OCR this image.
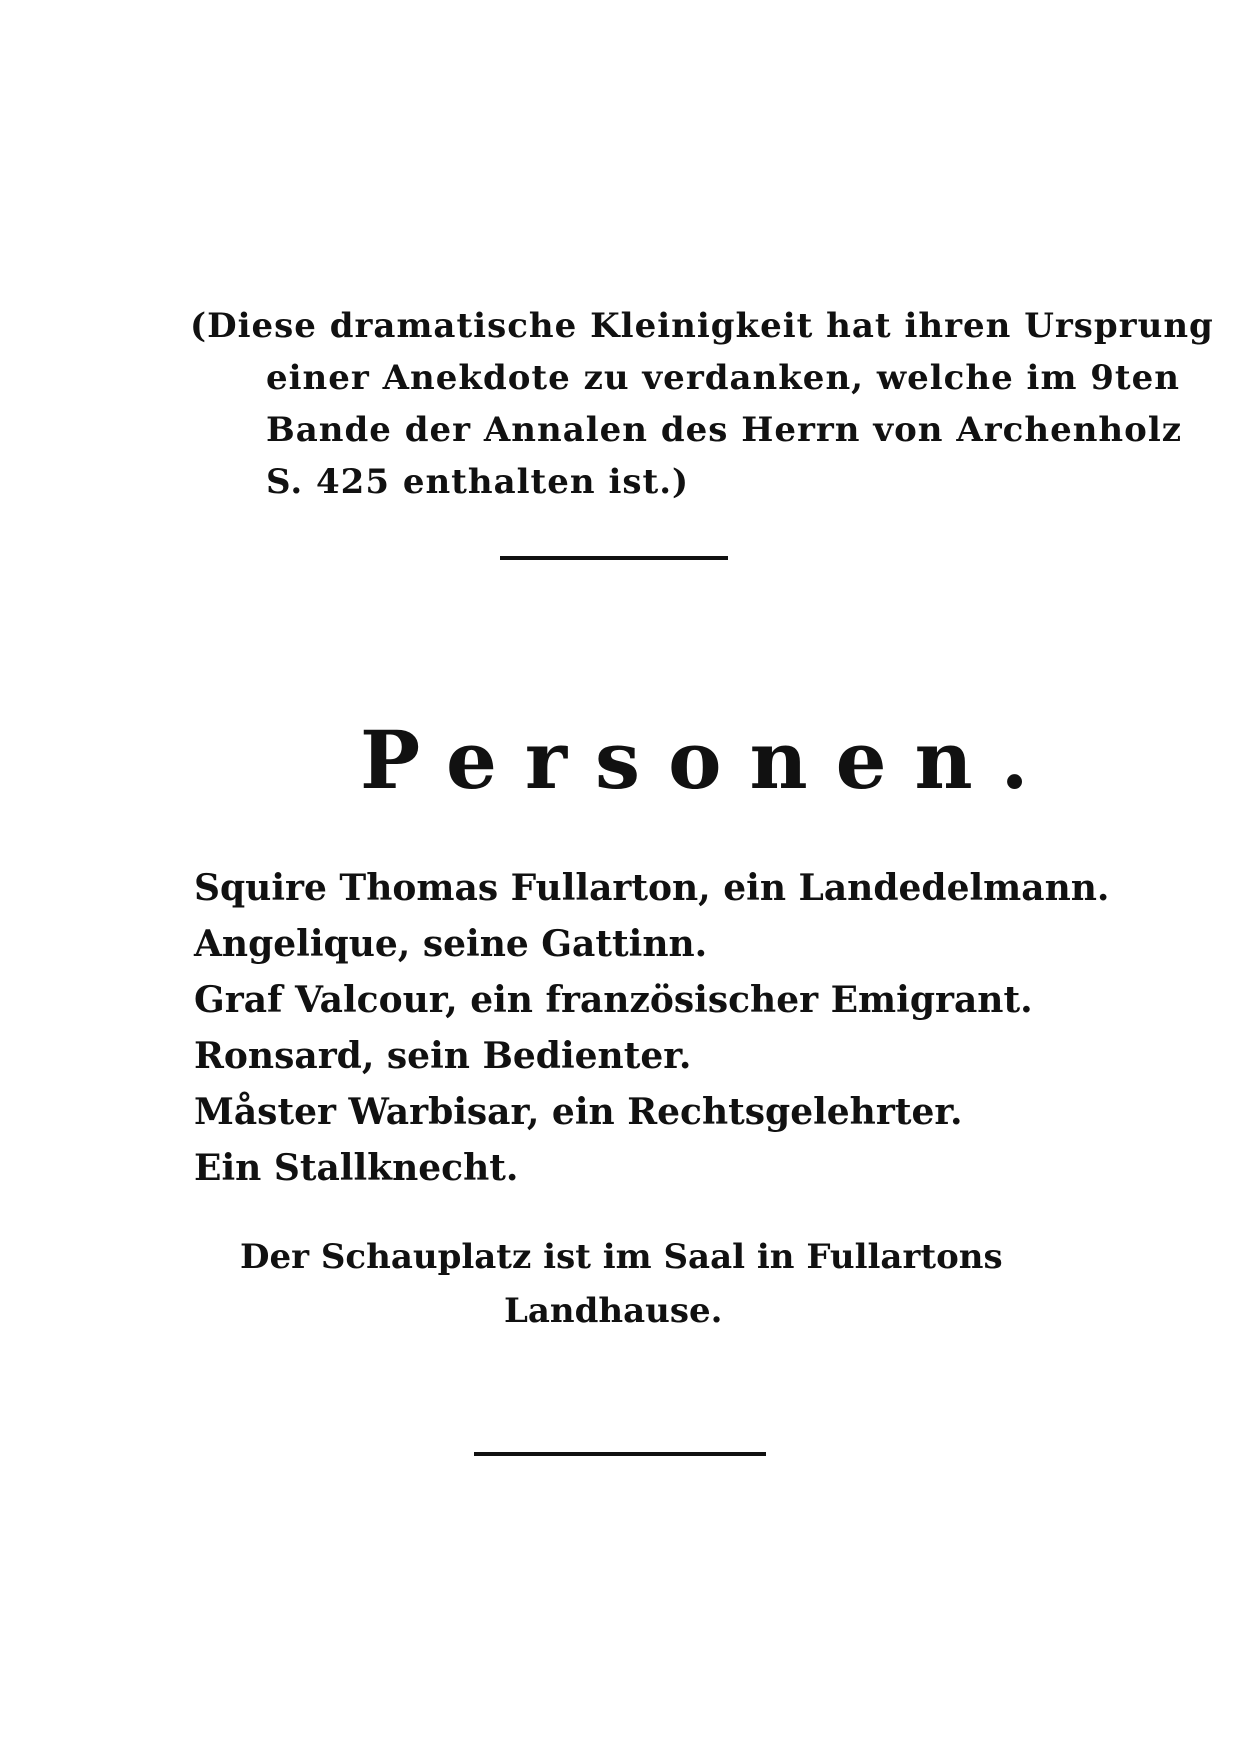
(Diese dramatische Kleinigkeit hat ihren Ursprung
einer Anekdote zu verdanken, welche im 9ten
Bande der Annalen des Herrn von Archenholz
S. 425 enthalten ist.)
Personen.
Squire Thomas Fullarton, ein Landedelmann.
Angelique, seine Gattinn.
Graf Valcour, ein französischer Emigrant.
Ronsard, sein Bedienter.
Måster Warbisar, ein Rechtsgelehrter.
Ein Stallknecht.
Der Schauplatz ist im Saal in Fullartons
Landhause.
